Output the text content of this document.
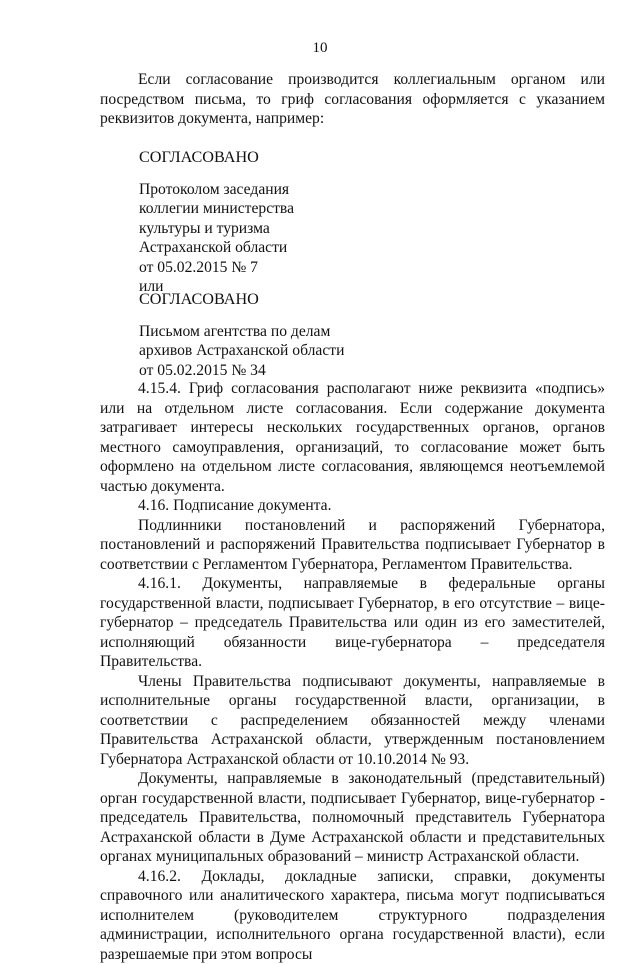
10

Если согласование производится коллегиальным органом или посредством письма, то гриф согласования оформляется с указанием реквизитов документа, например:

СОГЛАСОВАНО
Протоколом заседания
коллегии министерства
культуры и туризма
Астраханской области
от 05.02.2015 № 7
или
СОГЛАСОВАНО
Письмом агентства по делам
архивов Астраханской области
от 05.02.2015 № 34

4.15.4. Гриф согласования располагают ниже реквизита «подпись» или на отдельном листе согласования. Если содержание документа затрагивает интересы нескольких государственных органов, органов местного самоуправления, организаций, то согласование может быть оформлено на отдельном листе согласования, являющемся неотъемлемой частью документа.

4.16. Подписание документа.

Подлинники постановлений и распоряжений Губернатора, постановлений и распоряжений Правительства подписывает Губернатор в соответствии с Регламентом Губернатора, Регламентом Правительства.

4.16.1. Документы, направляемые в федеральные органы государственной власти, подписывает Губернатор, в его отсутствие – вице-губернатор – председатель Правительства или один из его заместителей, исполняющий обязанности вице-губернатора – председателя Правительства.

Члены Правительства подписывают документы, направляемые в исполнительные органы государственной власти, организации, в соответствии с распределением обязанностей между членами Правительства Астраханской области, утвержденным постановлением Губернатора Астраханской области от 10.10.2014 № 93.

Документы, направляемые в законодательный (представительный) орган государственной власти, подписывает Губернатор, вице-губернатор - председатель Правительства, полномочный представитель Губернатора Астраханской области в Думе Астраханской области и представительных органах муниципальных образований – министр Астраханской области.

4.16.2. Доклады, докладные записки, справки, документы справочного или аналитического характера, письма могут подписываться исполнителем (руководителем структурного подразделения администрации, исполнительного органа государственной власти), если разрешаемые при этом вопросы
